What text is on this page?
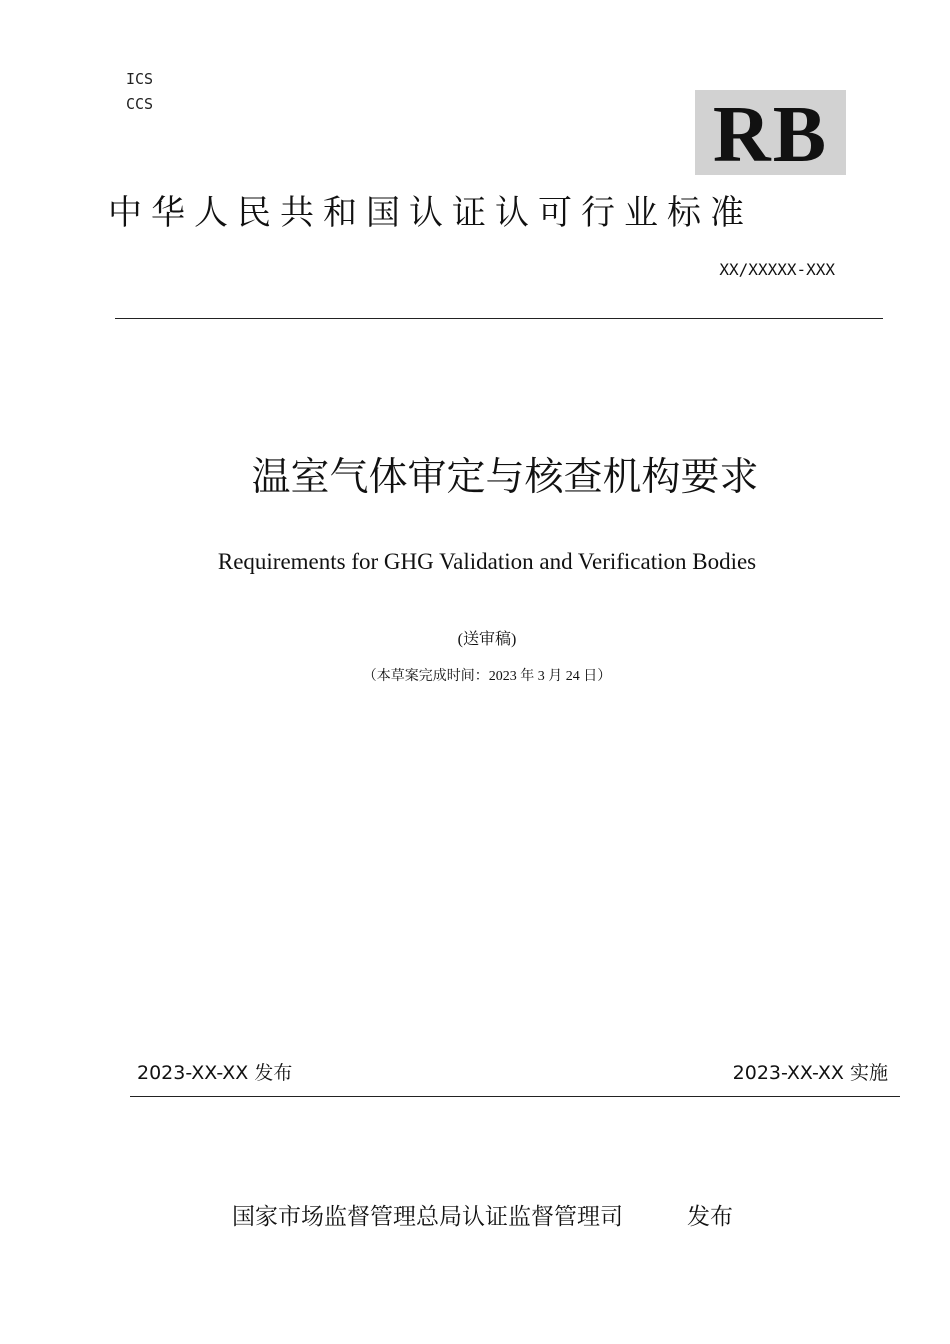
ICS
CCS	RB
中华人民共和国认证认可行业标准
XX/XXXXX-XXX
温室气体审定与核查机构要求
Requirements for GHG Validation and Verification Bodies
(送审稿)
（本草案完成时间：2023 年 3 月 24 日）
2023-XX-XX 发布	2023-XX-XX 实施
国家市场监督管理总局认证监督管理司	发布
